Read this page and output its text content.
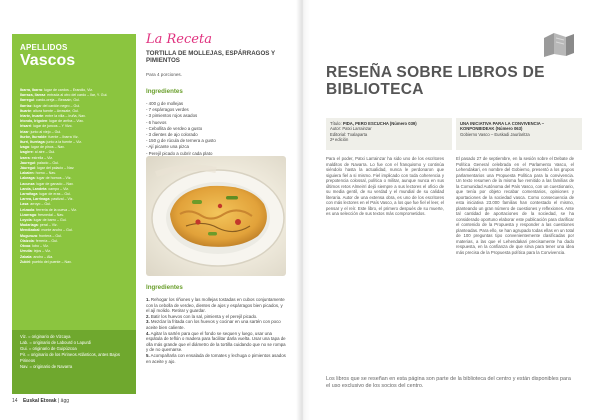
APELLIDOS
Vascos
Ibarra, Ibarra: lugar de cardos – Erandio, Viz.
Ilarraza, Ilarraz: entrada al otro del cardo – Ilar, Y. Gui.
Ilarregui: cardo-oreja – Beasain, Gui.
Ilarriaz: lugar del cardón negro – Gui.
Ituarte: altura fuente – Arrasate, Gui.
Iriarte, Iruarte: entre la villa – Iruña, Nav.
Iriondo, Irigoien: lugar de arriba – Vizc.
Irisarri: lugar de juncos – Y Vizc.
Irizar: junto al viejo – Gui.
Iturbe, Iturralde: fuente – Ibarra Viz.
Iturri, Iturriaga: junto a la fuente – Viz.
Izaga: lugar de pinos – Nav.
Izagirre: al aire – Gui.
Izarra: estrella – Viz.
Jauregui: palacio – Gui.
Jáuregui: lugar del palacio – Nav.
Labaien: horno – Nav.
Labeaga: lugar de hornos – Viz.
Lacunza: lugar de ganado – Nav.
Landa, Landeta: campo – Viz.
Larrañaga: lugar de eras – Gui.
Larrea, Larrinaga: pastizal – Viz.
Lasa: arroyo – Gui.
Leizaola: ferrería de la cueva – Viz.
Lizarraga: fresnedal – Nav.
Loyola: lugar de barro – Gui.
Madariaga: peral – Viz.
Mendizabal: monte ancho – Gui.
Muguruza: frontera – Gui.
Olaizola: ferrería – Gui.
Otxoa: lobo – Viz.
Urrutia: lejos – Viz.
Zabala: ancho – Ala.
Zubiri: pueblo del puente – Nav.
Viz. = originario de Vizcaya
Lab. = originario de Labourd o Lapurdi
Gui. = originario de Guipúzcoa
Pir. = originario de los Pirineos Atlánticos, antes Bajos Pirineos
Nav. = originario de Navarra
La Receta
TORTILLA DE MOLLEJAS, ESPÁRRAGOS Y PIMIENTOS
Para 4 porciones.
Ingredientes
- 400 g de mollejas
- 7 espárragos verdes
- 3 pimientos rojos asados
- 6 huevos
- Cebollita de verdeo a gusto
- 3 dientes de ajo colorado
- 150 g de rúcula de ternera a gusto
- Ají picante una pizca
- Perejil picado a cubrir cada plato
Ingredientes

1. Rehogar los riñones y las mollejas tostadas en cubos conjuntamente con la cebolla de verdeo, dientes de ajos y espárragos bien picados, y el ají molido. Retirar y guardar.

2. Batir los huevos con la sal, pimienta y el perejil picado.

3. Mezclar la fritada con los huevos y cocinar en una sartén con poco aceite bien caliente.

4. Agitar la sartén para que el fondo se sequen y luego, usar una espátula de teflón o madera para facilitar darla vuelta. Usar una tapa de olla más grande que el diámetro de la tortilla cuidando que no se rompa y de no quemarse.

5. Acompañarla con ensalada de tomates y lechuga o pimientos asados en aceite y ajo.

14 Euskal Etxeak | ägg
RESEÑA SOBRE LIBROS DE BIBLIOTECA
Título: PIDA, PERO ESCUCHA (Número 039)
Autor: Patxi Larrainzar
Editorial: Txalaparta
2ª edición
UNA INICIATIVA PARA LA CONVIVENCIA – KONPONBIDEAK (Número 063)
Gobierno Vasco – Euskadi Jaurlaritza
Para el poder, Patxi Larrainzar ha sido uno de los escritores malditos de Navarra. Lo fue con el franquismo y continúa siéndolo hasta la actualidad, nunca le perdonaron que siguiera fiel a si mismo. Fiel implicado con toda coherencia y prepotencia colossal, política o militar, aunque nunca en sus últimos retos Almeirri dejó siempre a sus lectores el oficio de su media gentil, de su verdad y el mundial de su calidad literaria. Autor de una extensa obra, es uno de los escritores con más lectores en el País Vasco, a los que fue fiel el leer, el pensar y el reír. Este libro, el primero después de su muerte, es una selección de sus textos más comprometidos.
El pasado 27 de septiembre, en la sesión sobre el Debate de Política General celebrada en el Parlamento Vasco, el Lehendakari, en nombre del Gobierno, presentó a los grupos parlamentarios una Propuesta Política para la convivencia. Un texto resumen de la misma fue remitido a las familias de la Comunidad Autónoma del País Vasco, con un cuestionario, que tenía por objeto recabar comentarios, opiniones y aportaciones de la sociedad vasca. Como consecuencia de esta iniciativa 23.000 familias han contestado el mismo, planteando un gran número de cuestiones y reflexiones. Ante tal cantidad de aportaciones de la sociedad, se ha considerado oportuno elaborar este publicación para clarificar el contenido de la Propuesta y responder a las cuestiones planteadas. Para ello, se han agrupado todas ellas en un total de 100 preguntas tipo convenientemente clasificadas por materias, a las que el Lehendakari precisamente ha dado respuesta, en la confianza de que sirva para tener una idea más precisa de la Propuesta política para la Convivencia.
Los libros que se reseñan en esta página son parte de la biblioteca del centro y están disponibles para el uso exclusivo de los socios del centro.
